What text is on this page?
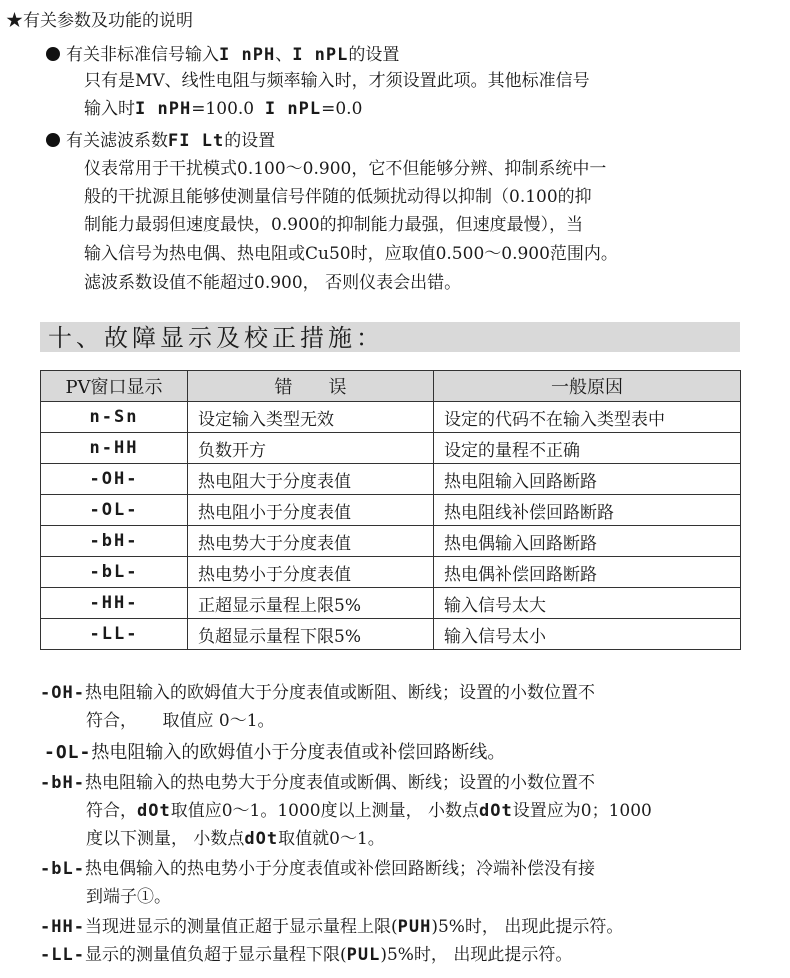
★有关参数及功能的说明
有关非标准信号输入I nPH、I nPL的设置
只有是MV、线性电阻与频率输入时，才须设置此项。其他标准信号
输入时I nPH=100.0  I nPL=0.0
有关滤波系数FI Lt的设置
仪表常用于干扰模式0.100～0.900，它不但能够分辨、抑制系统中一
般的干扰源且能够使测量信号伴随的低频扰动得以抑制（0.100的抑
制能力最弱但速度最快，0.900的抑制能力最强，但速度最慢），当
输入信号为热电偶、热电阻或Cu50时，应取值0.500～0.900范围内。
滤波系数设值不能超过0.900， 否则仪表会出错。
十、故障显示及校正措施：
PV窗口显示	错　　误	一般原因
n-Sn	设定输入类型无效	设定的代码不在输入类型表中
n-HH	负数开方	设定的量程不正确
-OH-	热电阻大于分度表值	热电阻输入回路断路
-OL-	热电阻小于分度表值	热电阻线补偿回路断路
-bH-	热电势大于分度表值	热电偶输入回路断路
-bL-	热电势小于分度表值	热电偶补偿回路断路
-HH-	正超显示量程上限5%	输入信号太大
-LL-	负超显示量程下限5%	输入信号太小
-OH-热电阻输入的欧姆值大于分度表值或断阻、断线；设置的小数位置不
符合，　　取值应 0～1。
-OL-热电阻输入的欧姆值小于分度表值或补偿回路断线。
-bH-热电阻输入的热电势大于分度表值或断偶、断线；设置的小数位置不
符合，dOt取值应0～1。1000度以上测量， 小数点dOt设置应为0；1000
度以下测量， 小数点dOt取值就0～1。
-bL-热电偶输入的热电势小于分度表值或补偿回路断线；冷端补偿没有接
到端子①。
-HH-当现进显示的测量值正超于显示量程上限(PUH)5%时， 出现此提示符。
-LL-显示的测量值负超于显示量程下限(PUL)5%时， 出现此提示符。
